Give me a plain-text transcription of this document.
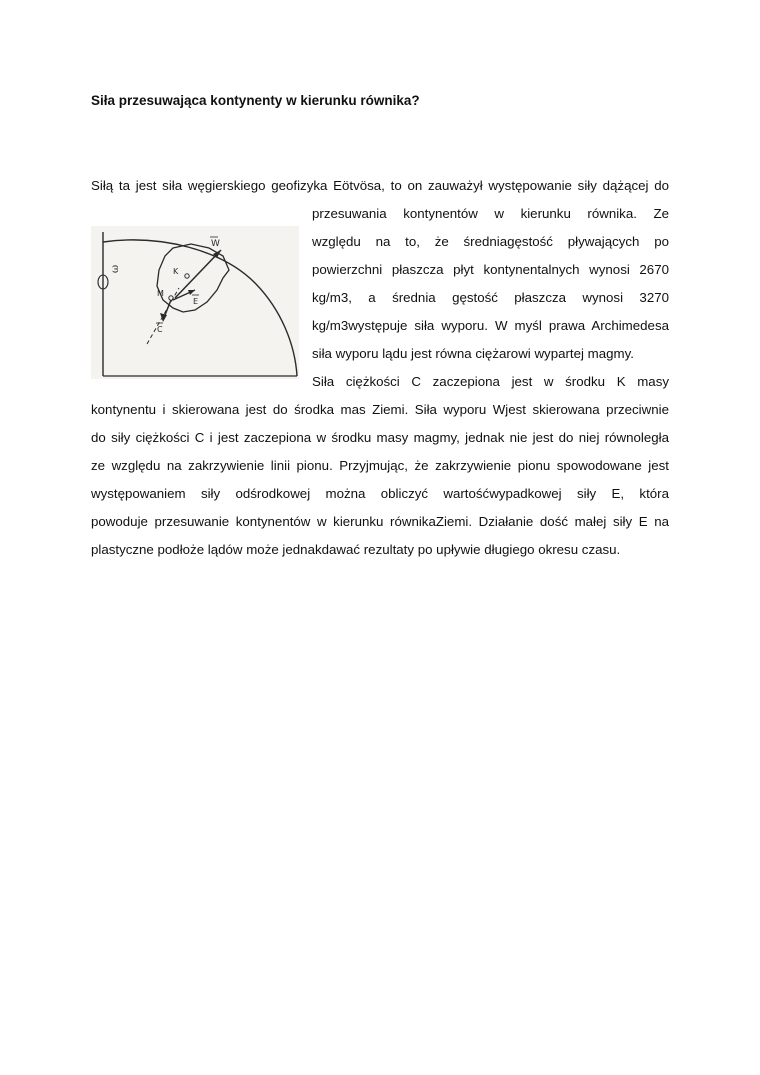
Siła przesuwająca kontynenty w kierunku równika?

Siłą ta jest siła węgierskiego geofizyka Eötvösa, to on zauważył występowanie siły dążącej do

przesuwania kontynentów w kierunku równika. Ze

względu na to, że średniagęstość pływających po

powierzchni płaszcza płyt kontynentalnych wynosi 2670

kg/m3, a średnia gęstość płaszcza wynosi 3270

kg/m3występuje siła wyporu. W myśl prawa Archimedesa

siła wyporu lądu jest równa ciężarowi wypartej magmy.

Siła ciężkości C zaczepiona jest w środku K masy

kontynentu i skierowana jest do środka mas Ziemi. Siła wyporu Wjest skierowana przeciwnie

do siły ciężkości C i jest zaczepiona w środku masy magmy, jednak nie jest do niej równoległa

ze względu na zakrzywienie linii pionu. Przyjmując, że zakrzywienie pionu spowodowane jest

występowaniem siły odśrodkowej można obliczyć wartośćwypadkowej siły E, która

powoduje przesuwanie kontynentów w kierunku równikaZiemi. Działanie dość małej siły E na

plastyczne podłoże lądów może jednakdawać rezultaty po upływie długiego okresu czasu.

ω
W
K
M
E
C
